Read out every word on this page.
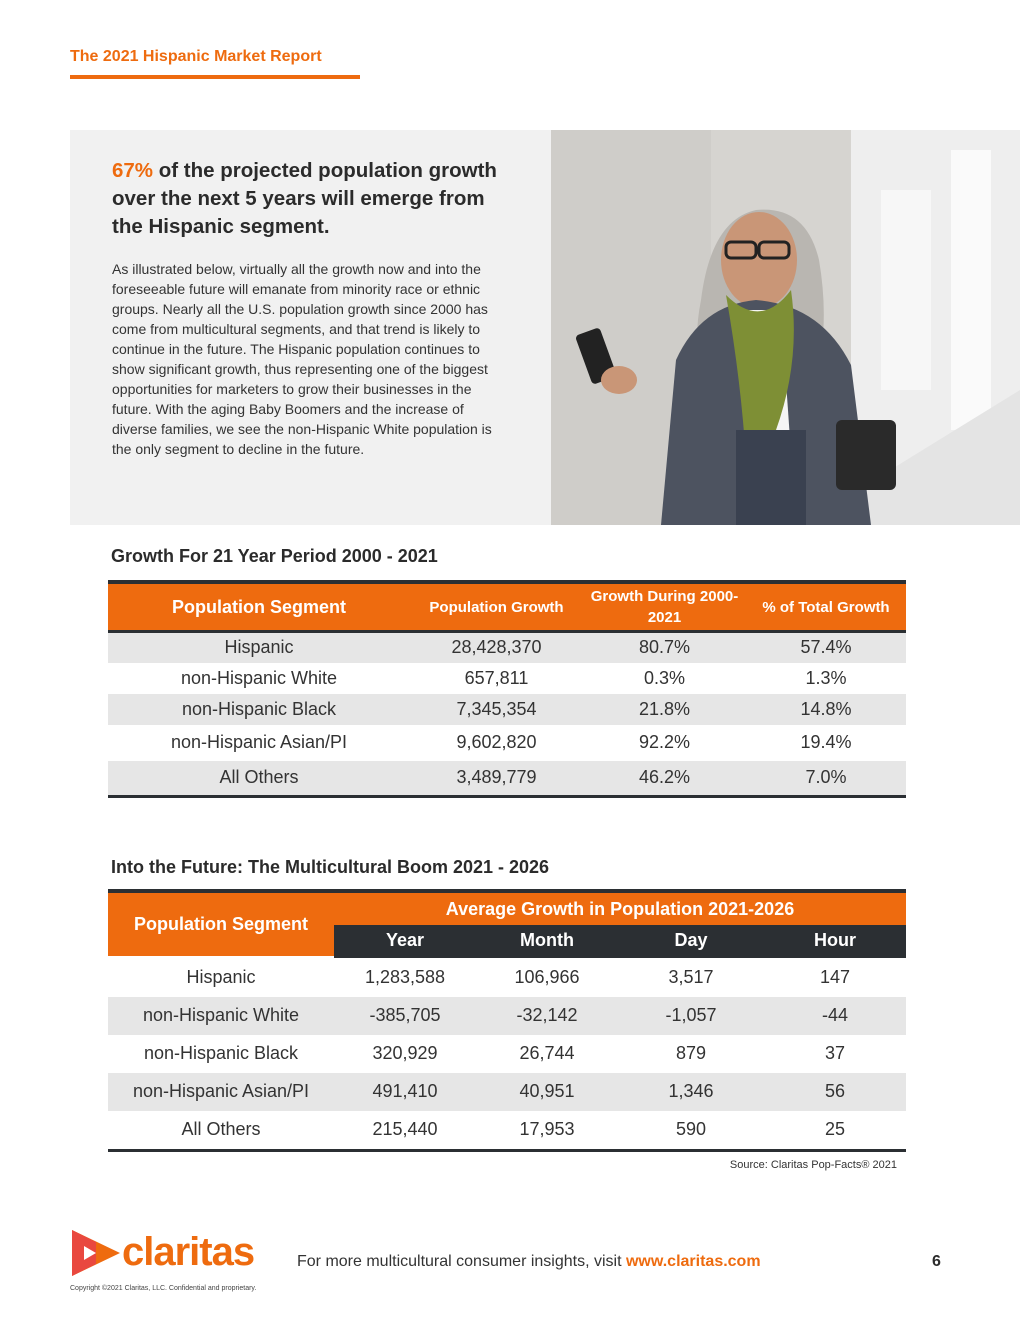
The 2021 Hispanic Market Report

67% of the projected population growth over the next 5 years will emerge from the Hispanic segment.

As illustrated below, virtually all the growth now and into the foreseeable future will emanate from minority race or ethnic groups. Nearly all the U.S. population growth since 2000 has come from multicultural segments, and that trend is likely to continue in the future. The Hispanic population continues to show significant growth, thus representing one of the biggest opportunities for marketers to grow their businesses in the future. With the aging Baby Boomers and the increase of diverse families, we see the non-Hispanic White population is the only segment to decline in the future.
Growth For 21 Year Period 2000 - 2021
Population Segment	Population Growth	Growth During 2000-2021	% of Total Growth
Hispanic	28,428,370	80.7%	57.4%
non-Hispanic White	657,811	0.3%	1.3%
non-Hispanic Black	7,345,354	21.8%	14.8%
non-Hispanic Asian/PI	9,602,820	92.2%	19.4%
All Others	3,489,779	46.2%	7.0%
Into the Future: The Multicultural Boom 2021 - 2026
Population Segment	Average Growth in Population 2021-2026			
	Year	Month	Day	Hour
Hispanic	1,283,588	106,966	3,517	147
non-Hispanic White	-385,705	-32,142	-1,057	-44
non-Hispanic Black	320,929	26,744	879	37
non-Hispanic Asian/PI	491,410	40,951	1,346	56
All Others	215,440	17,953	590	25
Source: Claritas Pop-Facts® 2021
claritas
Copyright ©2021 Claritas, LLC. Confidential and proprietary.
For more multicultural consumer insights, visit www.claritas.com	6
